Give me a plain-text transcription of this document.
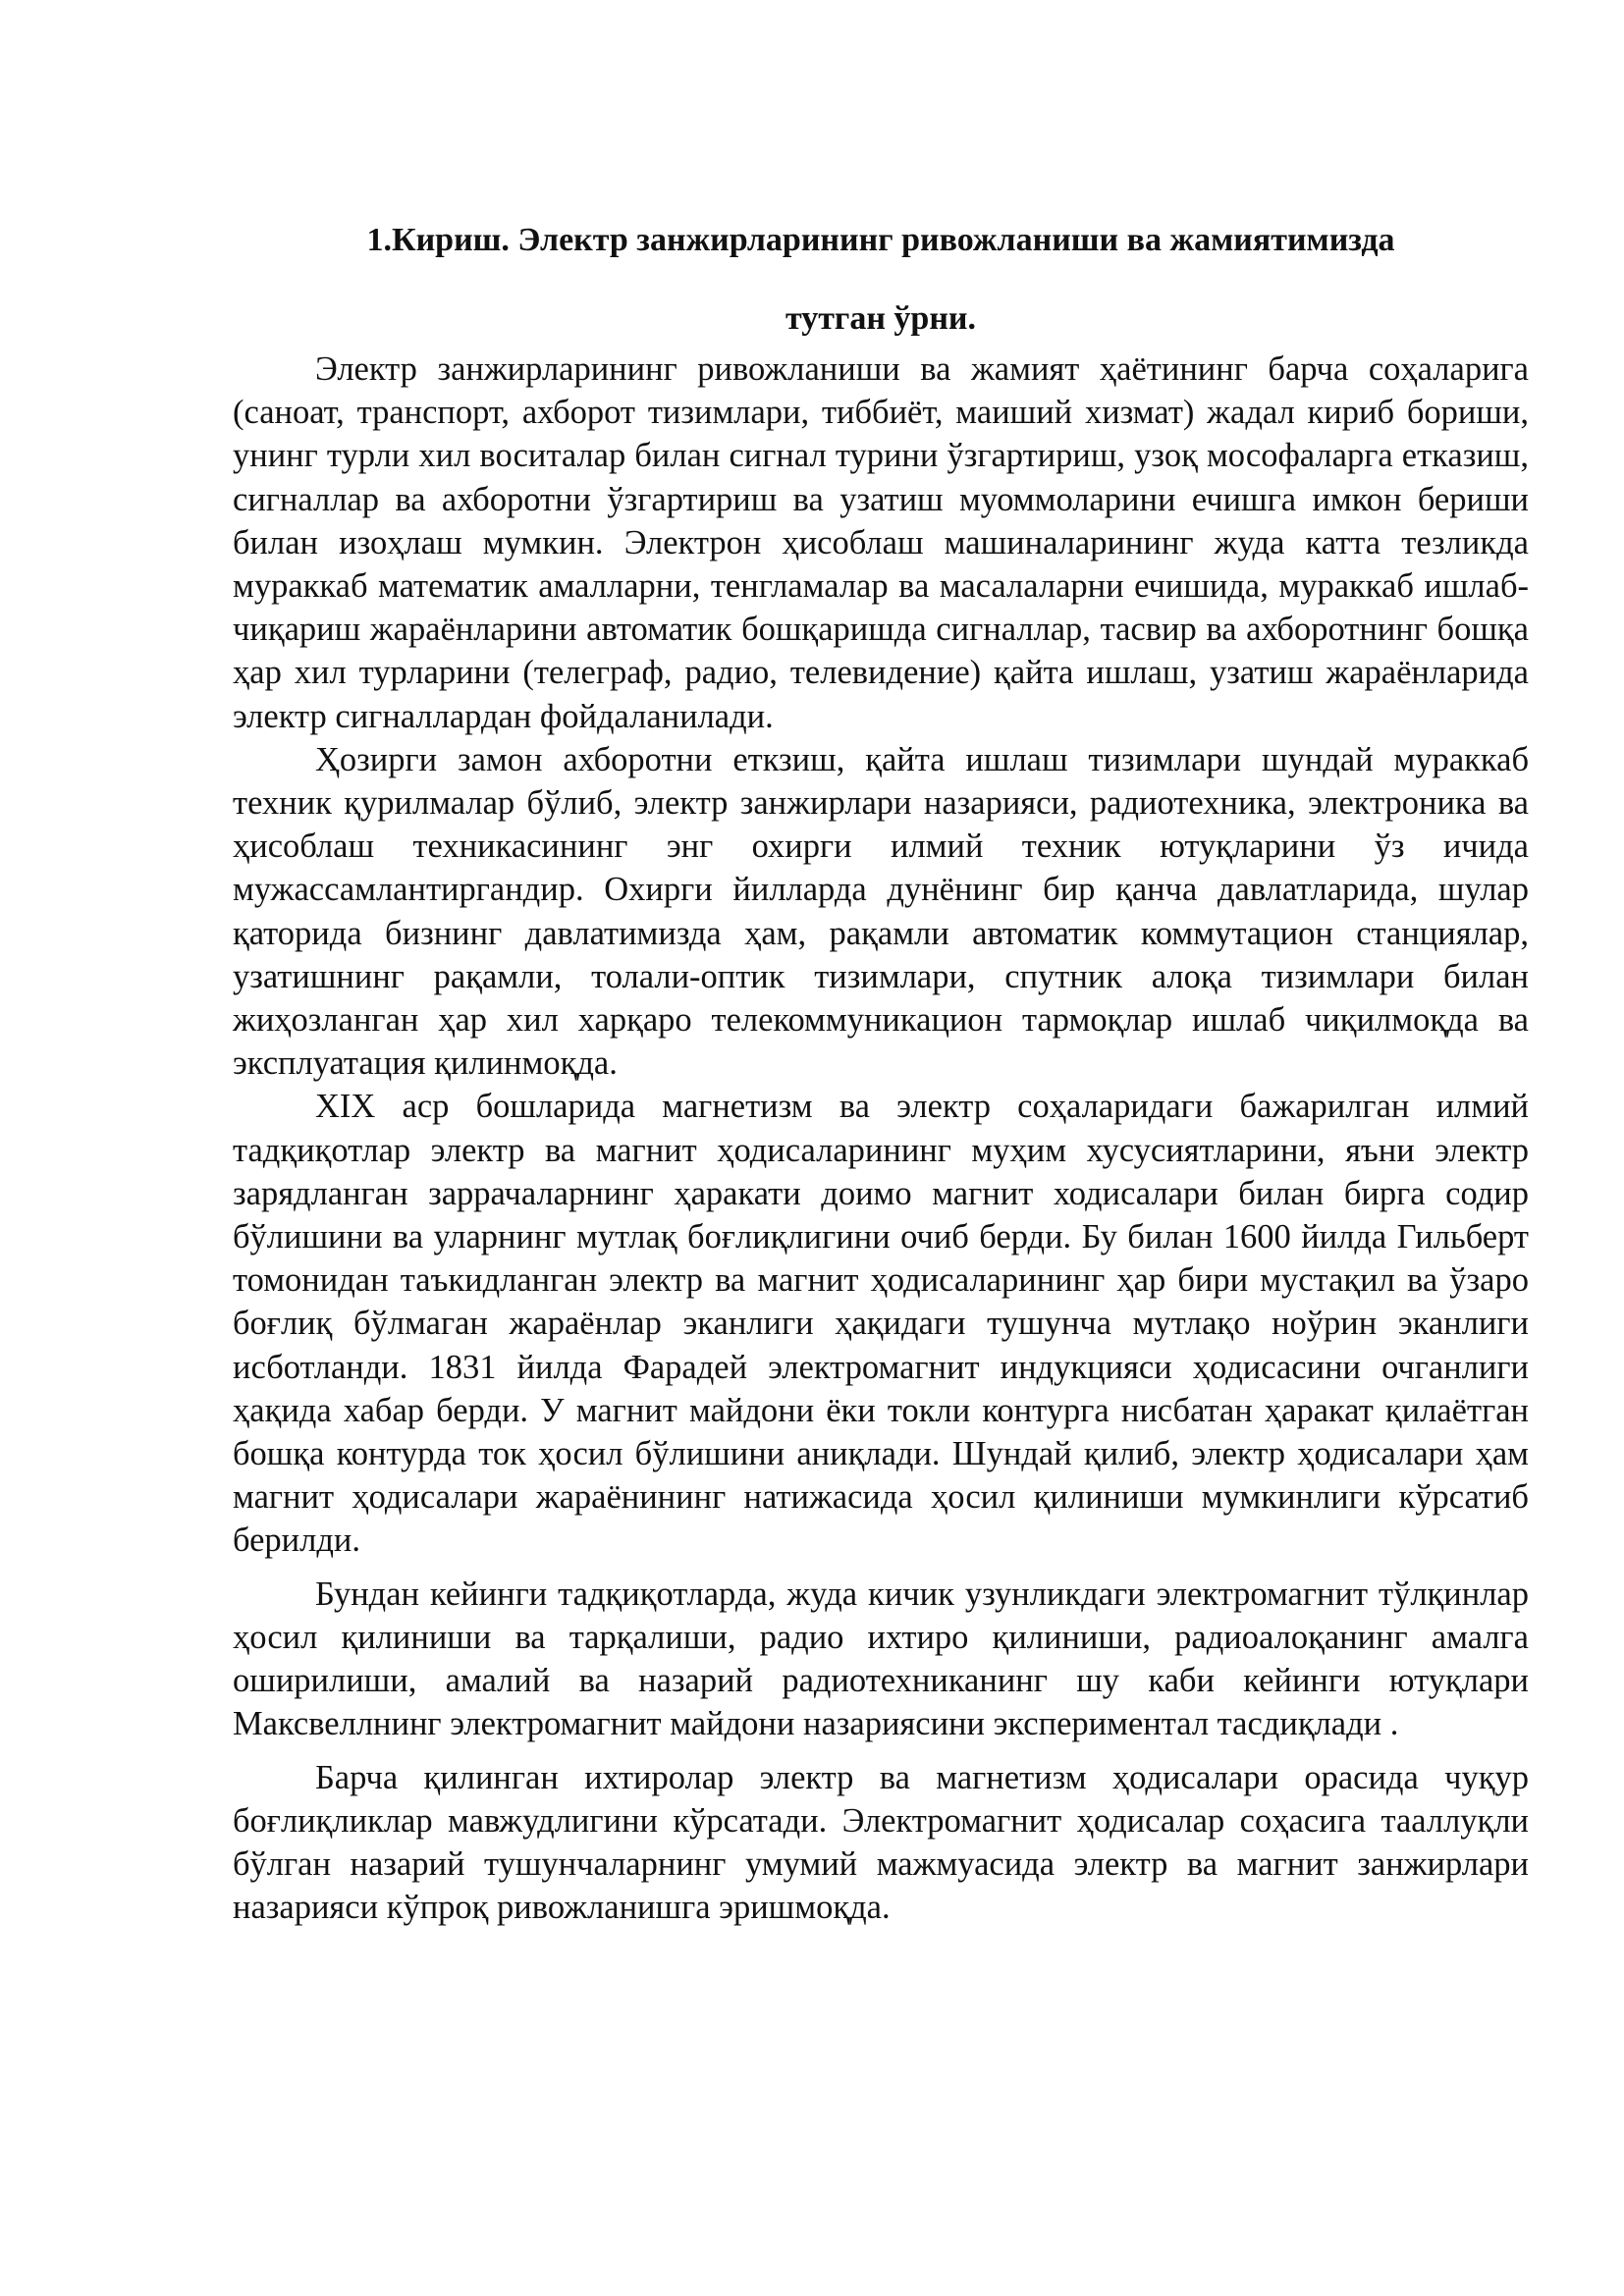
1.Кириш. Электр занжирларининг ривожланиши ва жамиятимизда
тутган ўрни.

Электр занжирларининг ривожланиши ва жамият ҳаётининг барча соҳаларига (саноат, транспорт, ахборот тизимлари, тиббиёт, маиший хизмат) жадал кириб бориши, унинг турли хил воситалар билан сигнал турини ўзгартириш, узоқ мософаларга етказиш, сигналлар ва ахборотни ўзгартириш ва узатиш муоммоларини ечишга имкон бериши билан изоҳлаш мумкин. Электрон ҳисоблаш машиналарининг жуда катта тезликда мураккаб математик амалларни, тенгламалар ва масалаларни ечишида, мураккаб ишлаб-чиқариш жараёнларини автоматик бошқаришда сигналлар, тасвир ва ахборотнинг бошқа ҳар хил турларини (телеграф, радио, телевидение) қайта ишлаш, узатиш жараёнларида электр сигналлардан фойдаланилади.

Ҳозирги замон ахборотни еткзиш, қайта ишлаш тизимлари шундай мураккаб техник қурилмалар бўлиб, электр занжирлари назарияси, радиотехника, электроника ва ҳисоблаш техникасининг энг охирги илмий техник ютуқларини ўз ичида мужассамлантиргандир. Охирги йилларда дунёнинг бир қанча давлатларида, шулар қаторида бизнинг давлатимизда ҳам, рақамли автоматик коммутацион станциялар, узатишнинг рақамли, толали-оптик тизимлари, спутник алоқа тизимлари билан жиҳозланган ҳар хил харқаро телекоммуникацион тармоқлар ишлаб чиқилмоқда ва эксплуатация қилинмоқда.

XIX аср бошларида магнетизм ва электр соҳаларидаги бажарилган илмий тадқиқотлар электр ва магнит ҳодисаларининг муҳим хусусиятларини, яъни электр зарядланган заррачаларнинг ҳаракати доимо магнит ходисалари билан бирга содир бўлишини ва уларнинг мутлақ боғлиқлигини очиб берди. Бу билан 1600 йилда Гильберт томонидан таъкидланган электр ва магнит ҳодисаларининг ҳар бири мустақил ва ўзаро боғлиқ бўлмаган жараёнлар эканлиги ҳақидаги тушунча мутлақо ноўрин эканлиги исботланди. 1831 йилда Фарадей электромагнит индукцияси ҳодисасини очганлиги ҳақида хабар берди. У магнит майдони ёки токли контурга нисбатан ҳаракат қилаётган бошқа контурда ток ҳосил бўлишини аниқлади. Шундай қилиб, электр ҳодисалари ҳам магнит ҳодисалари жараёнининг натижасида ҳосил қилиниши мумкинлиги кўрсатиб берилди.

Бундан кейинги тадқиқотларда, жуда кичик узунликдаги электромагнит тўлқинлар ҳосил қилиниши ва тарқалиши, радио ихтиро қилиниши, радиоалоқанинг амалга оширилиши, амалий ва назарий радиотехниканинг шу каби кейинги ютуқлари Максвеллнинг электромагнит майдони назариясини экспериментал тасдиқлади .

Барча қилинган ихтиролар электр ва магнетизм ҳодисалари орасида чуқур боғлиқликлар мавжудлигини кўрсатади. Электромагнит ҳодисалар соҳасига тааллуқли бўлган назарий тушунчаларнинг умумий мажмуасида электр ва магнит занжирлари назарияси кўпроқ ривожланишга эришмоқда.
